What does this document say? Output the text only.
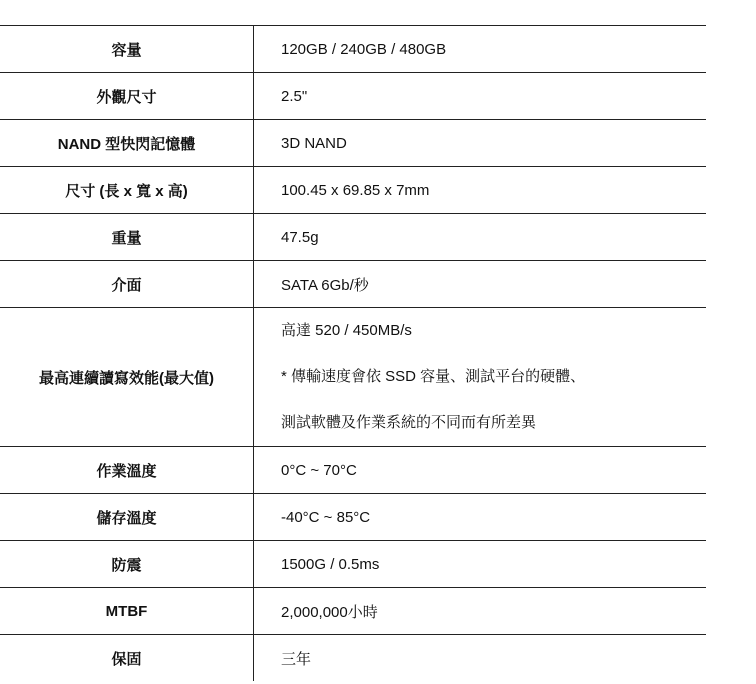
容量	120GB / 240GB / 480GB
外觀尺寸	2.5"
NAND 型快閃記憶體	3D NAND
尺寸 (長 x 寬 x 高)	100.45 x 69.85 x 7mm
重量	47.5g
介面	SATA 6Gb/秒
最高連續讀寫效能(最大值)	高達 520 / 450MB/s
* 傳輸速度會依 SSD 容量、測試平台的硬體、
測試軟體及作業系統的不同而有所差異

作業溫度	0°C ~ 70°C
儲存溫度	-40°C ~ 85°C
防震	1500G / 0.5ms
MTBF	2,000,000小時
保固	三年
